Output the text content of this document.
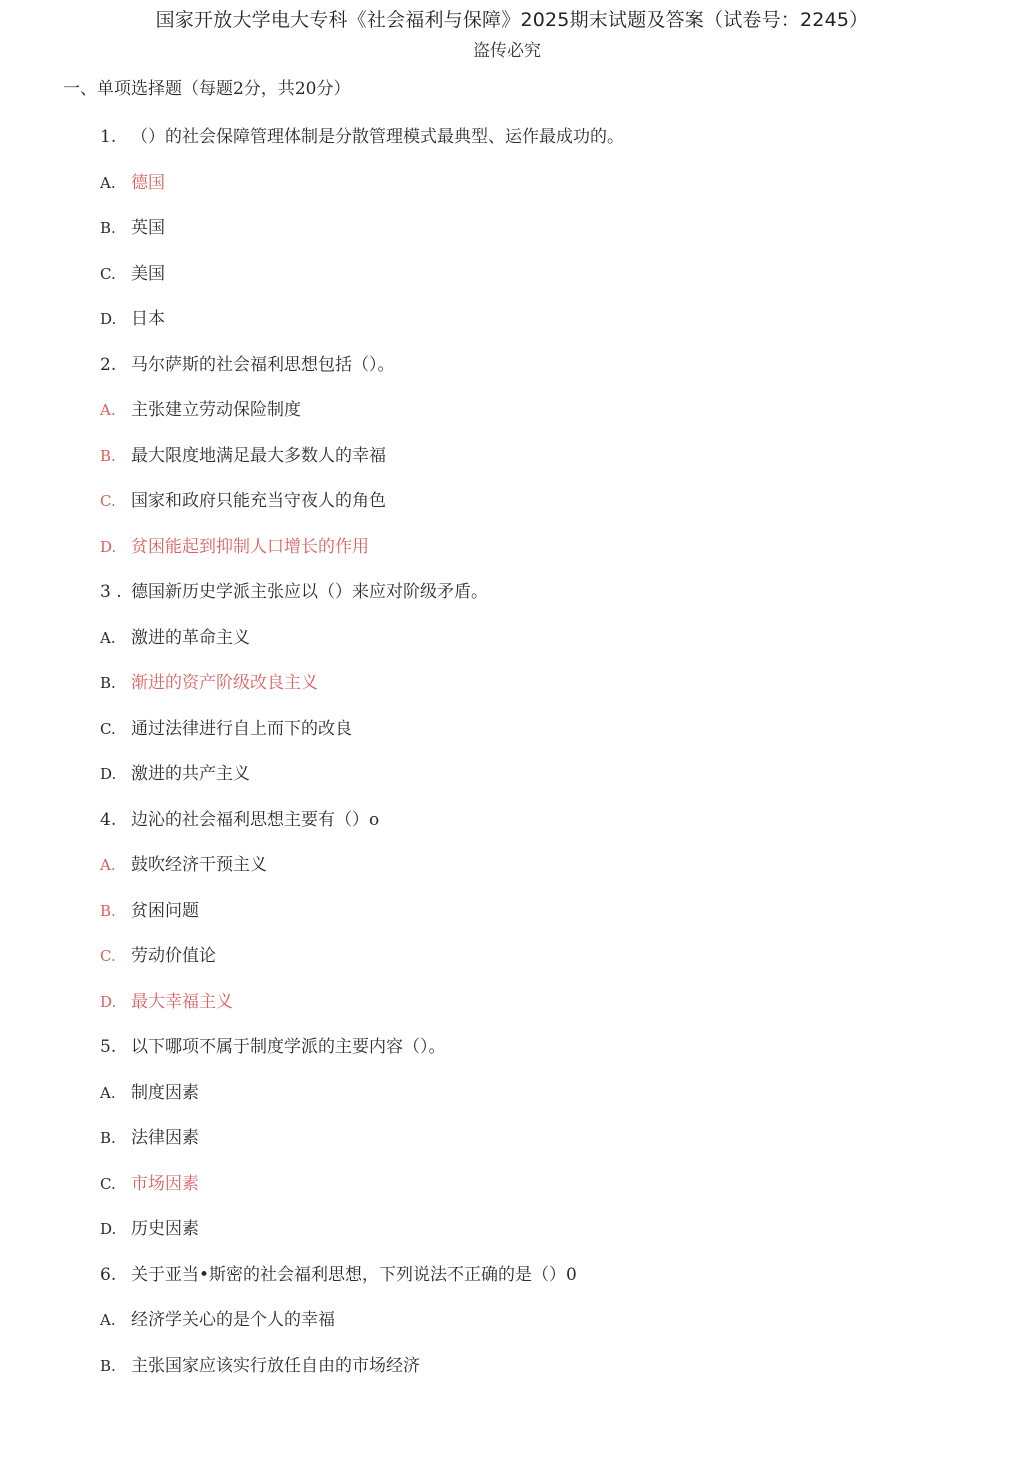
国家开放大学电大专科《社会福利与保障》2025期末试题及答案（试卷号：2245）
盗传必究
一、单项选择题（每题2分，共20分）
1. （）的社会保障管理体制是分散管理模式最典型、运作最成功的。
A. 德国
B. 英国
C. 美国
D. 日本
2. 马尔萨斯的社会福利思想包括（）。
A. 主张建立劳动保险制度
B. 最大限度地满足最大多数人的幸福
C. 国家和政府只能充当守夜人的角色
D. 贫困能起到抑制人口增长的作用
3 . 德国新历史学派主张应以（）来应对阶级矛盾。
A. 激进的革命主义
B. 渐进的资产阶级改良主义
C. 通过法律进行自上而下的改良
D. 激进的共产主义
4. 边沁的社会福利思想主要有（）o
A. 鼓吹经济干预主义
B. 贫困问题
C. 劳动价值论
D. 最大幸福主义
5. 以下哪项不属于制度学派的主要内容（）。
A. 制度因素
B. 法律因素
C. 市场因素
D. 历史因素
6. 关于亚当•斯密的社会福利思想，下列说法不正确的是（）0
A. 经济学关心的是个人的幸福
B. 主张国家应该实行放任自由的市场经济
